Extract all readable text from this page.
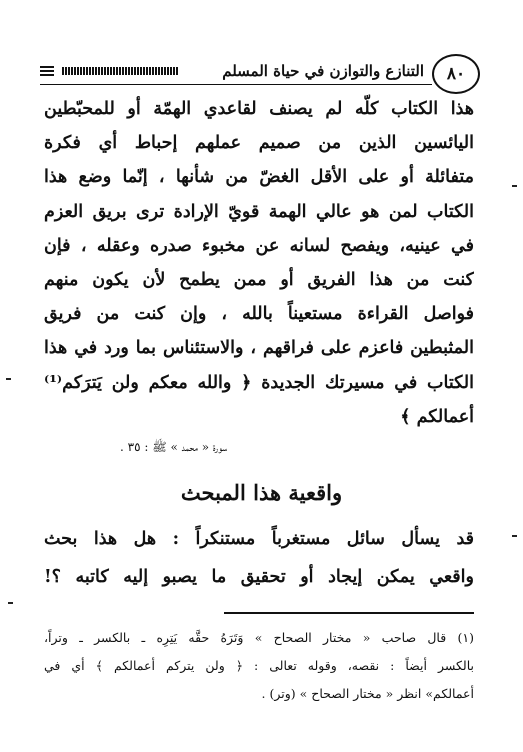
٨٠
التنازع والتوازن في حياة المسلم

هذا الكتاب كلّه لم يصنف لقاعدي الهمّة أو للمحبّطين

اليائسين الذين من صميم عملهم إحباط أي فكرة

متفائلة أو على الأقل الغضّ من شأنها ، إنّما وضع هذا

الكتاب لمن هو عالي الهمة قويّ الإرادة ترى بريق العزم

في عينيه، ويفصح لسانه عن مخبوء صدره وعقله ، فإن

كنت من هذا الفريق أو ممن يطمح لأن يكون منهم

فواصل القراءة مستعيناً بالله ، وإن كنت من فريق

المثبطين فاعزم على فراقهم ، والاستئناس بما ورد في هذا

الكتاب في مسيرتك الجديدة ﴿ والله معكم ولن يَترَكم⁽¹⁾

أعمالكم ﴾

سورة « محمد » ﷺ : ٣٥ .
واقعية هذا المبحث

قد يسأل سائل مستغرباً مستنكراً : هل هذا بحث

واقعي يمكن إيجاد أو تحقيق ما يصبو إليه كاتبه ؟!

(١) قال صاحب « مختار الصحاح » وَتَرَهُ حقَّه يَتِرِه ـ بالكسر ـ وتراً،

بالكسر أيضاً : نقصه، وقوله تعالى : ﴿ ولن يتركم أعمالكم ﴾ أي في

أعمالكم» انظر « مختار الصحاح » (وتر) .
